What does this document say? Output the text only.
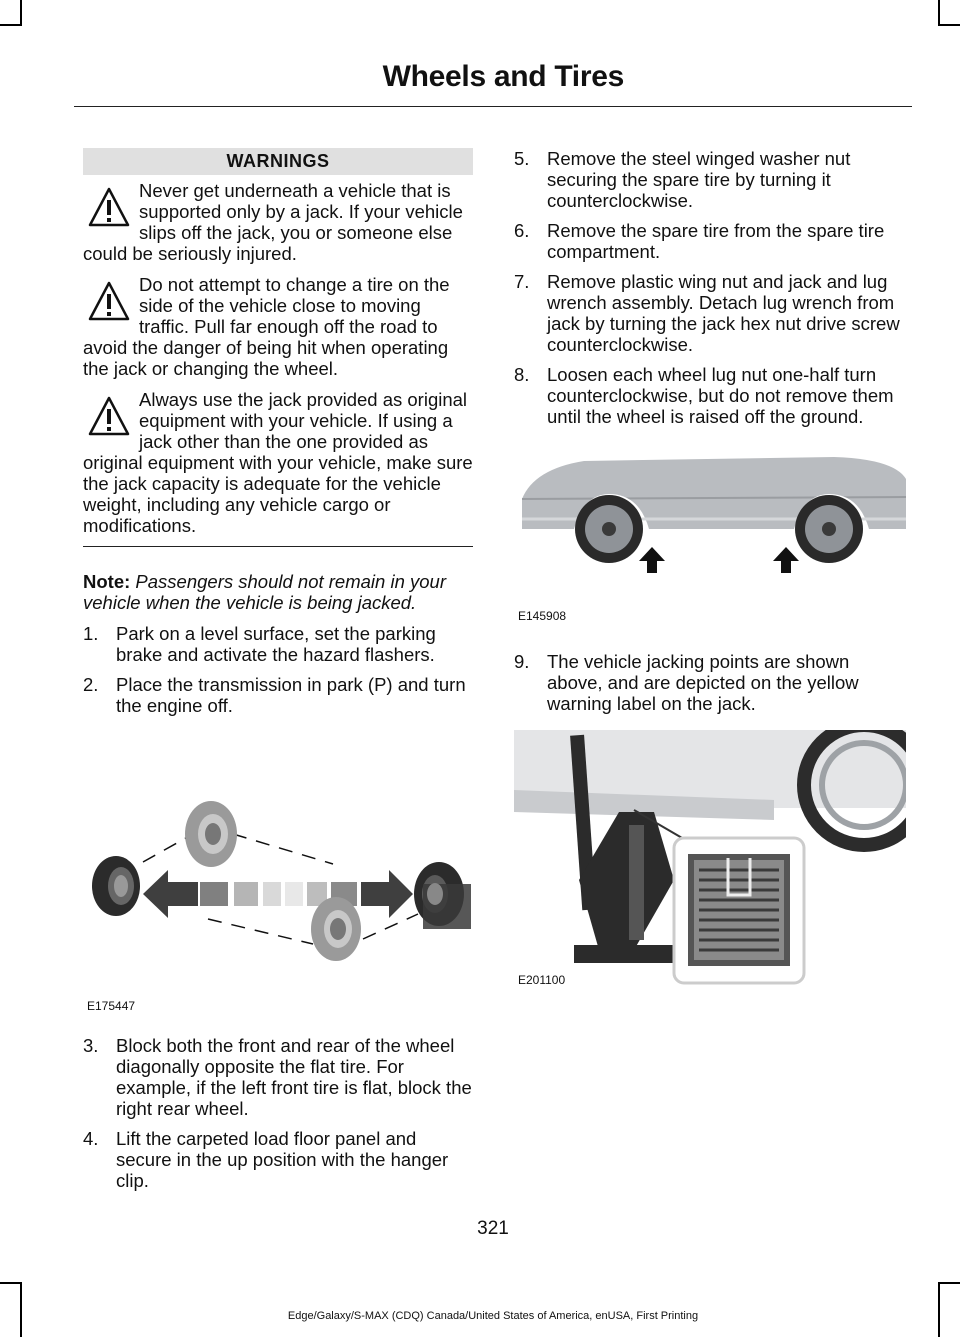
Wheels and Tires
WARNINGS

Never get underneath a vehicle that is supported only by a jack. If your vehicle slips off the jack, you or someone else could be seriously injured.

Do not attempt to change a tire on the side of the vehicle close to moving traffic. Pull far enough off the road to avoid the danger of being hit when operating the jack or changing the wheel.

Always use the jack provided as original equipment with your vehicle. If using a jack other than the one provided as original equipment with your vehicle, make sure the jack capacity is adequate for the vehicle weight, including any vehicle cargo or modifications.

Note: Passengers should not remain in your vehicle when the vehicle is being jacked.
1. Park on a level surface, set the parking brake and activate the hazard flashers.
2. Place the transmission in park (P) and turn the engine off.
E175447
3. Block both the front and rear of the wheel diagonally opposite the flat tire. For example, if the left front tire is flat, block the right rear wheel.
4. Lift the carpeted load floor panel and secure in the up position with the hanger clip.
5. Remove the steel winged washer nut securing the spare tire by turning it counterclockwise.
6. Remove the spare tire from the spare tire compartment.
7. Remove plastic wing nut and jack and lug wrench assembly. Detach lug wrench from jack by turning the jack hex nut drive screw counterclockwise.
8. Loosen each wheel lug nut one-half turn counterclockwise, but do not remove them until the wheel is raised off the ground.
E145908
9. The vehicle jacking points are shown above, and are depicted on the yellow warning label on the jack.
E201100
321
Edge/Galaxy/S-MAX (CDQ) Canada/United States of America, enUSA, First Printing
